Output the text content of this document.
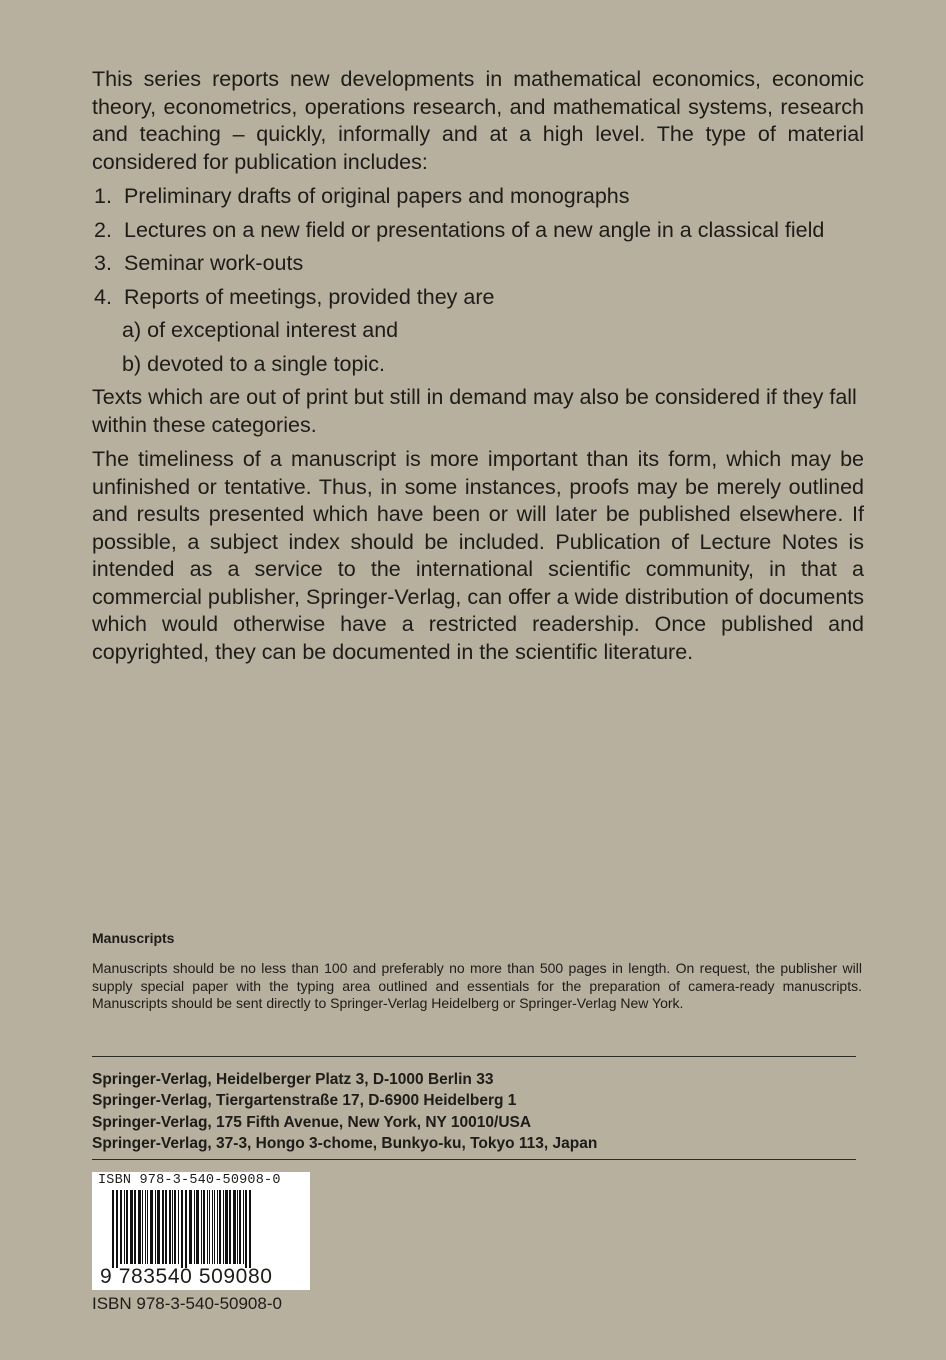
This series reports new developments in mathematical economics, economic theory, econometrics, operations research, and mathematical systems, research and teaching – quickly, informally and at a high level. The type of material considered for publication includes:

1. Preliminary drafts of original papers and monographs
2. Lectures on a new field or presentations of a new angle in a classical field
3. Seminar work-outs
4. Reports of meetings, provided they are
a) of exceptional interest and
b) devoted to a single topic.

Texts which are out of print but still in demand may also be considered if they fall within these categories.

The timeliness of a manuscript is more important than its form, which may be unfinished or tentative. Thus, in some instances, proofs may be merely outlined and results presented which have been or will later be published elsewhere. If possible, a subject index should be included. Publication of Lecture Notes is intended as a service to the international scientific community, in that a commercial publisher, Springer-Verlag, can offer a wide distribution of documents which would otherwise have a restricted readership. Once published and copyrighted, they can be documented in the scientific literature.

Manuscripts
Manuscripts should be no less than 100 and preferably no more than 500 pages in length. On request, the publisher will supply special paper with the typing area outlined and essentials for the preparation of camera-ready manuscripts. Manuscripts should be sent directly to Springer-Verlag Heidelberg or Springer-Verlag New York.
Springer-Verlag, Heidelberger Platz 3, D-1000 Berlin 33
Springer-Verlag, Tiergartenstraße 17, D-6900 Heidelberg 1
Springer-Verlag, 175 Fifth Avenue, New York, NY 10010/USA
Springer-Verlag, 37-3, Hongo 3-chome, Bunkyo-ku, Tokyo 113, Japan
ISBN 978-3-540-50908-0
9 783540 509080
ISBN 978-3-540-50908-0
